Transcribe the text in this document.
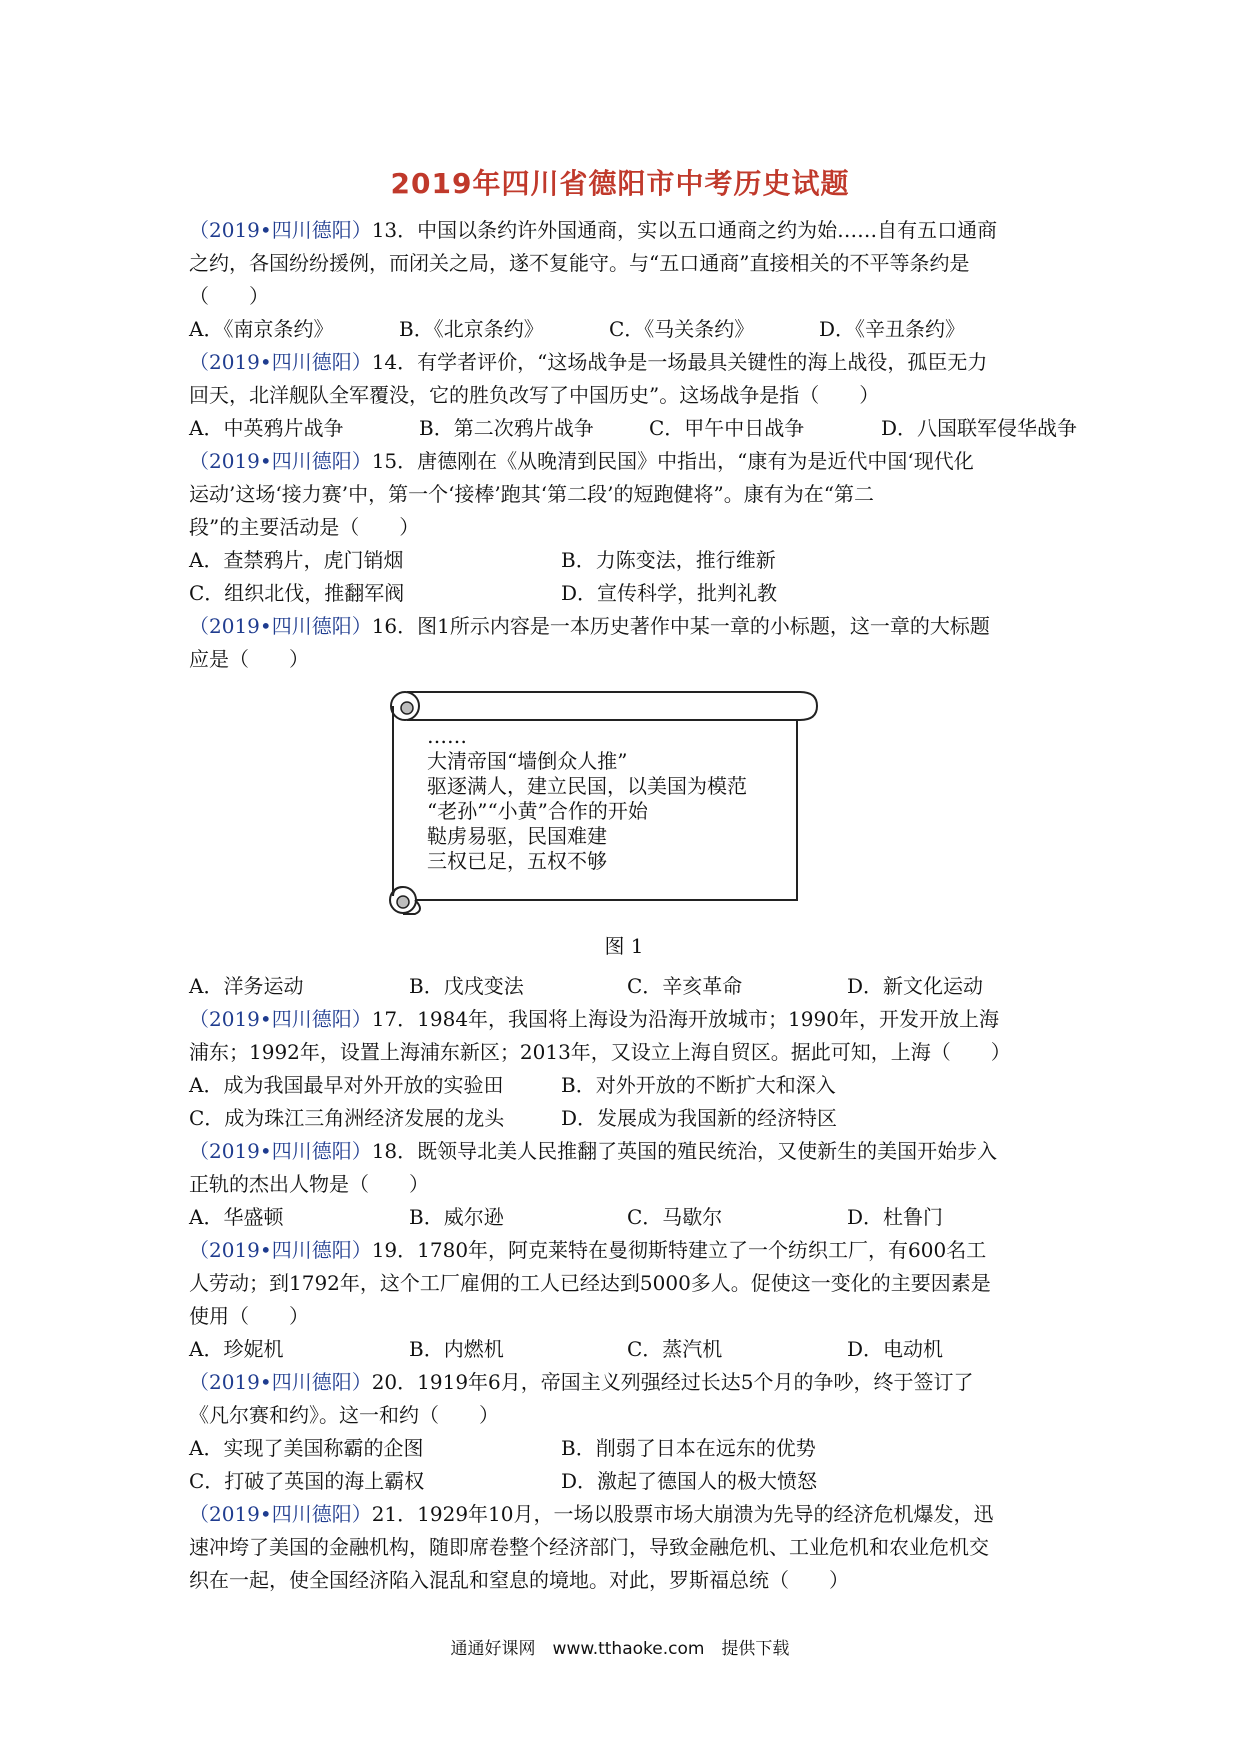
2019年四川省德阳市中考历史试题
（2019•四川德阳）13．中国以条约许外国通商，实以五口通商之约为始……自有五口通商
之约，各国纷纷援例，而闭关之局，遂不复能守。与“五口通商”直接相关的不平等条约是
（　　）
A．《南京条约》	B．《北京条约》	C．《马关条约》	D．《辛丑条约》
（2019•四川德阳）14．有学者评价，“这场战争是一场最具关键性的海上战役，孤臣无力
回天，北洋舰队全军覆没，它的胜负改写了中国历史”。这场战争是指（　　）
A．中英鸦片战争	B．第二次鸦片战争	C．甲午中日战争	D．八国联军侵华战争
（2019•四川德阳）15．唐德刚在《从晚清到民国》中指出，“康有为是近代中国‘现代化
运动’这场‘接力赛’中，第一个‘接棒’跑其‘第二段’的短跑健将”。康有为在“第二
段”的主要活动是（　　）
A．查禁鸦片，虎门销烟	B．力陈变法，推行维新
C．组织北伐，推翻军阀	D．宣传科学，批判礼教
（2019•四川德阳）16．图1所示内容是一本历史著作中某一章的小标题，这一章的大标题
应是（　　）
……
大清帝国“墙倒众人推”
驱逐满人，建立民国，以美国为模范
“老孙”“小黄”合作的开始
鞑虏易驱，民国难建
三权已足，五权不够
图 1
A．洋务运动	B．戊戌变法	C．辛亥革命	D．新文化运动
（2019•四川德阳）17．1984年，我国将上海设为沿海开放城市；1990年，开发开放上海
浦东；1992年，设置上海浦东新区；2013年，又设立上海自贸区。据此可知，上海（　　）
A．成为我国最早对外开放的实验田	B．对外开放的不断扩大和深入
C．成为珠江三角洲经济发展的龙头	D．发展成为我国新的经济特区
（2019•四川德阳）18．既领导北美人民推翻了英国的殖民统治，又使新生的美国开始步入
正轨的杰出人物是（　　）
A．华盛顿	B．威尔逊	C．马歇尔	D．杜鲁门
（2019•四川德阳）19．1780年，阿克莱特在曼彻斯特建立了一个纺织工厂，有600名工
人劳动；到1792年，这个工厂雇佣的工人已经达到5000多人。促使这一变化的主要因素是
使用（　　）
A．珍妮机	B．内燃机	C．蒸汽机	D．电动机
（2019•四川德阳）20．1919年6月，帝国主义列强经过长达5个月的争吵，终于签订了
《凡尔赛和约》。这一和约（　　）
A．实现了美国称霸的企图	B．削弱了日本在远东的优势
C．打破了英国的海上霸权	D．激起了德国人的极大愤怒
（2019•四川德阳）21．1929年10月，一场以股票市场大崩溃为先导的经济危机爆发，迅
速冲垮了美国的金融机构，随即席卷整个经济部门，导致金融危机、工业危机和农业危机交
织在一起，使全国经济陷入混乱和窒息的境地。对此，罗斯福总统（　　）
通通好课网　www.tthaoke.com　提供下载
